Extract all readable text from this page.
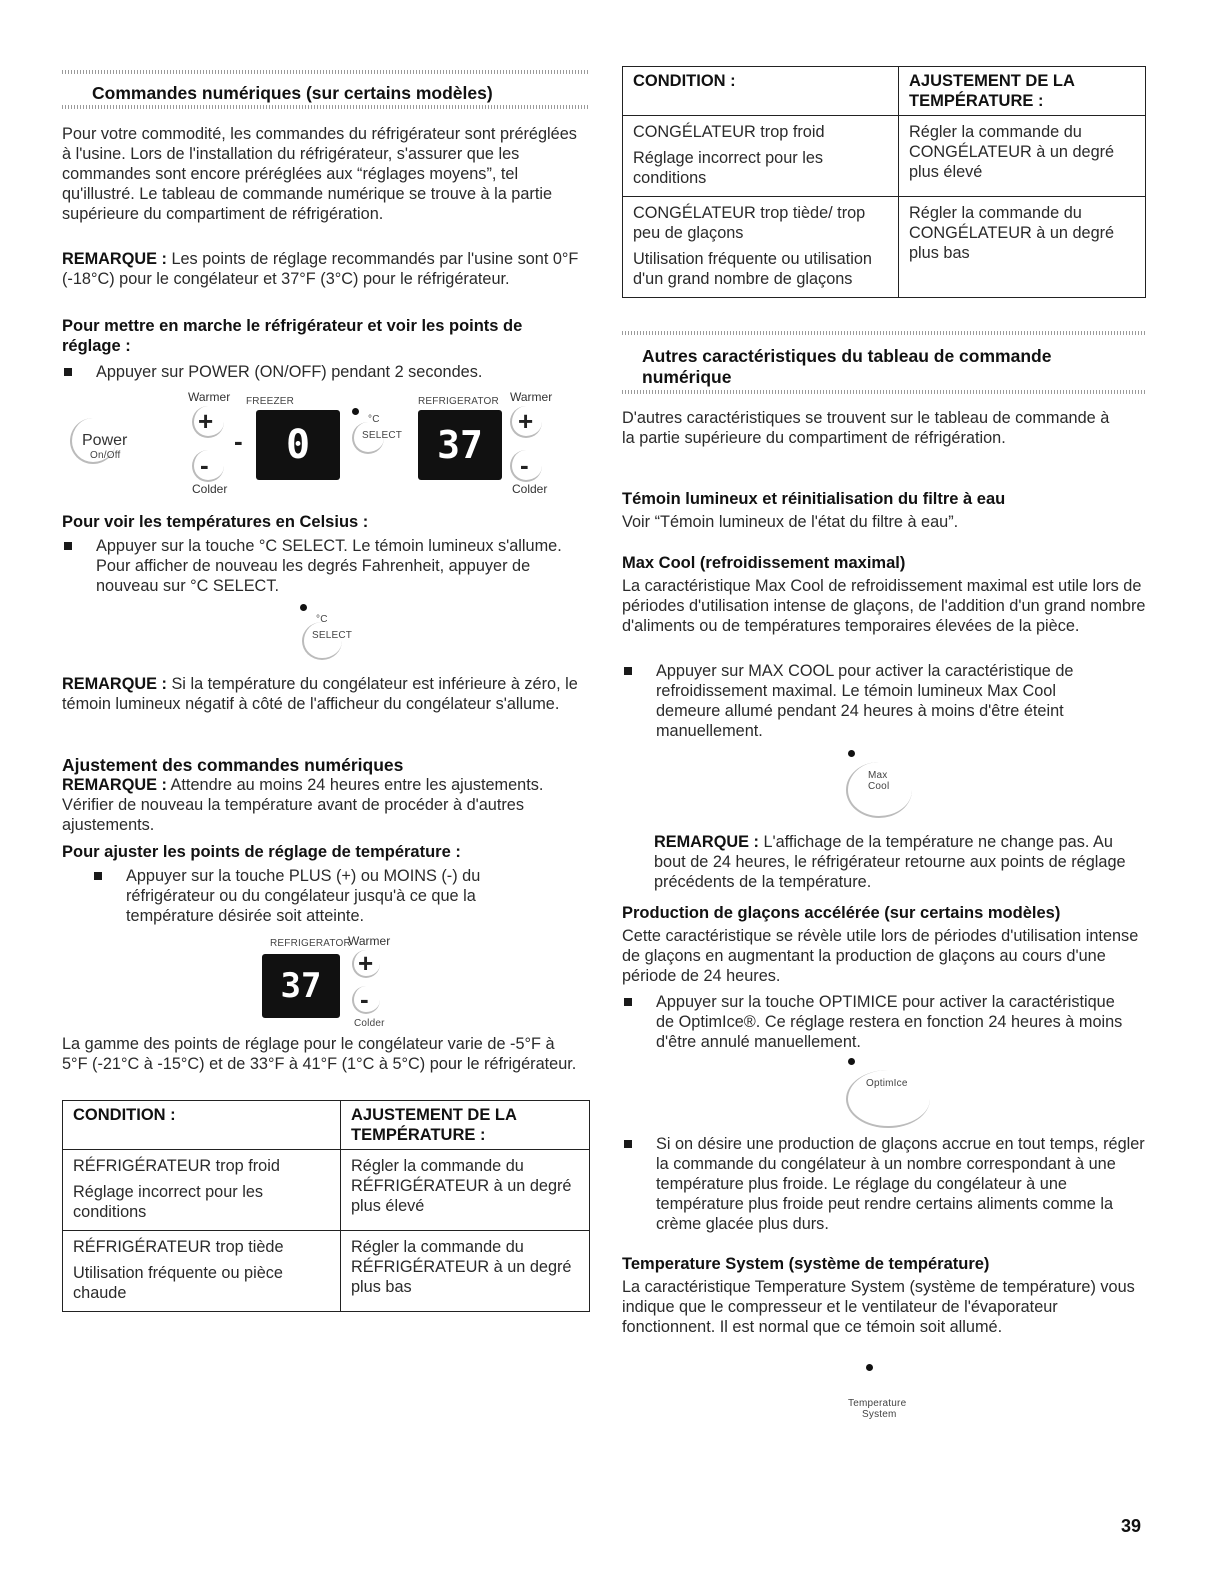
Commandes numériques (sur certains modèles)

Pour votre commodité, les commandes du réfrigérateur sont préréglées à l'usine. Lors de l'installation du réfrigérateur, s'assurer que les commandes sont encore préréglées aux “réglages moyens”, tel qu'illustré. Le tableau de commande numérique se trouve à la partie supérieure du compartiment de réfrigération.

REMARQUE : Les points de réglage recommandés par l'usine sont 0°F (-18°C) pour le congélateur et 37°F (3°C) pour le réfrigérateur.

Pour mettre en marche le réfrigérateur et voir les points de réglage :
Appuyer sur POWER (ON/OFF) pendant 2 secondes.
Warmer FREEZER	REFRIGERATOR Warmer
Power
On/Off
+
-
-	0
°C
SELECT 37
+
-
Colder	Colder
Pour voir les températures en Celsius :
Appuyer sur la touche °C SELECT. Le témoin lumineux s'allume. Pour afficher de nouveau les degrés Fahrenheit, appuyer de nouveau sur °C SELECT.
°C
SELECT

REMARQUE : Si la température du congélateur est inférieure à zéro, le témoin lumineux négatif à côté de l'afficheur du congélateur s'allume.

Ajustement des commandes numériques

REMARQUE : Attendre au moins 24 heures entre les ajustements. Vérifier de nouveau la température avant de procéder à d'autres ajustements.

Pour ajuster les points de réglage de température :
Appuyer sur la touche PLUS (+) ou MOINS (-) du réfrigérateur ou du congélateur jusqu'à ce que la température désirée soit atteinte.
REFRIGERATOR
Warmer
37
+
-
Colder

La gamme des points de réglage pour le congélateur varie de -5°F à 5°F (-21°C à -15°C) et de 33°F à 41°F (1°C à 5°C) pour le réfrigérateur.

CONDITION :	AJUSTEMENT DE LA TEMPÉRATURE :

RÉFRIGÉRATEUR trop froid
Réglage incorrect pour les conditions	Régler la commande du RÉFRIGÉRATEUR à un degré plus élevé

RÉFRIGÉRATEUR trop tiède
Utilisation fréquente ou pièce chaude	Régler la commande du RÉFRIGÉRATEUR à un degré plus bas
CONDITION :	AJUSTEMENT DE LA TEMPÉRATURE :

CONGÉLATEUR trop froid
Réglage incorrect pour les conditions	Régler la commande du CONGÉLATEUR à un degré plus élevé

CONGÉLATEUR trop tiède/ trop peu de glaçons
Utilisation fréquente ou utilisation d'un grand nombre de glaçons	Régler la commande du CONGÉLATEUR à un degré plus bas
Autres caractéristiques du tableau de commande numérique

D'autres caractéristiques se trouvent sur le tableau de commande à la partie supérieure du compartiment de réfrigération.

Témoin lumineux et réinitialisation du filtre à eau

Voir “Témoin lumineux de l'état du filtre à eau”.

Max Cool (refroidissement maximal)

La caractéristique Max Cool de refroidissement maximal est utile lors de périodes d'utilisation intense de glaçons, de l'addition d'un grand nombre d'aliments ou de températures temporaires élevées de la pièce.

Appuyer sur MAX COOL pour activer la caractéristique de refroidissement maximal. Le témoin lumineux Max Cool demeure allumé pendant 24 heures à moins d'être éteint manuellement.
Max
Cool

REMARQUE : L'affichage de la température ne change pas. Au bout de 24 heures, le réfrigérateur retourne aux points de réglage précédents de la température.

Production de glaçons accélérée (sur certains modèles)

Cette caractéristique se révèle utile lors de périodes d'utilisation intense de glaçons en augmentant la production de glaçons au cours d'une période de 24 heures.

Appuyer sur la touche OPTIMICE pour activer la caractéristique de OptimIce®. Ce réglage restera en fonction 24 heures à moins d'être annulé manuellement.
OptimIce
Si on désire une production de glaçons accrue en tout temps, régler la commande du congélateur à un nombre correspondant à une température plus froide. Le réglage du congélateur à une température plus froide peut rendre certains aliments comme la crème glacée plus durs.
Temperature System (système de température)

La caractéristique Temperature System (système de température) vous indique que le compresseur et le ventilateur de l'évaporateur fonctionnent. Il est normal que ce témoin soit allumé.

Temperature
System
39
